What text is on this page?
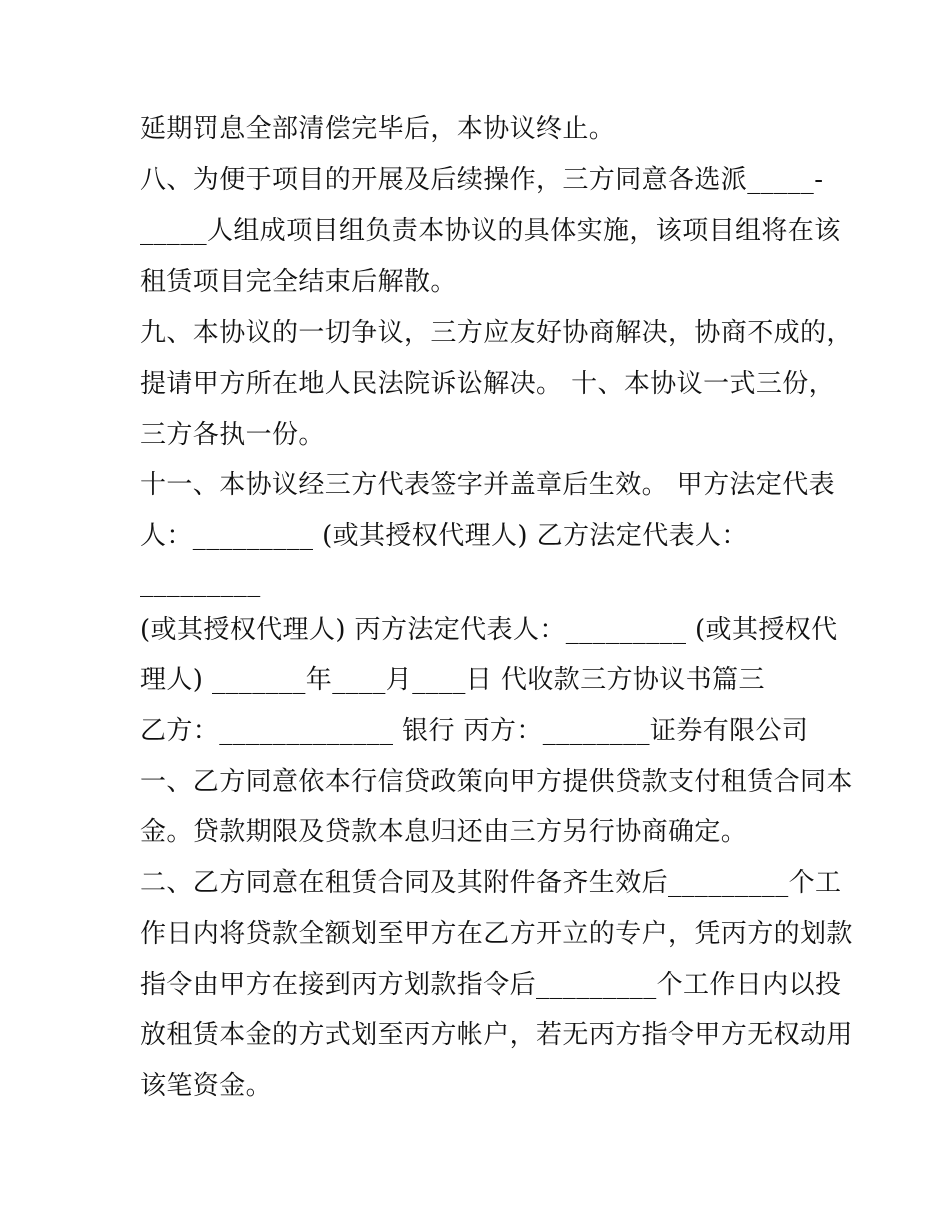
延期罚息全部清偿完毕后，本协议终止。
八、为便于项目的开展及后续操作，三方同意各选派_____-
_____人组成项目组负责本协议的具体实施，该项目组将在该
租赁项目完全结束后解散。
九、本协议的一切争议，三方应友好协商解决，协商不成的，
提请甲方所在地人民法院诉讼解决。 十、本协议一式三份，
三方各执一份。
十一、本协议经三方代表签字并盖章后生效。 甲方法定代表
人：_________ (或其授权代理人) 乙方法定代表人：
_________
(或其授权代理人) 丙方法定代表人：_________ (或其授权代
理人) _______年____月____日 代收款三方协议书篇三
乙方：_____________ 银行 丙方：________证券有限公司
一、乙方同意依本行信贷政策向甲方提供贷款支付租赁合同本
金。贷款期限及贷款本息归还由三方另行协商确定。
二、乙方同意在租赁合同及其附件备齐生效后_________个工
作日内将贷款全额划至甲方在乙方开立的专户，凭丙方的划款
指令由甲方在接到丙方划款指令后_________个工作日内以投
放租赁本金的方式划至丙方帐户，若无丙方指令甲方无权动用
该笔资金。
